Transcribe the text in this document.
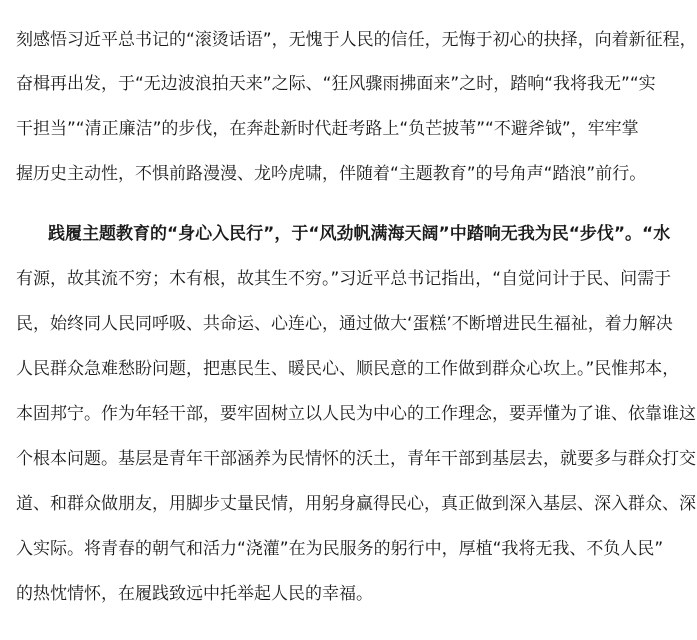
刻感悟习近平总书记的“滚烫话语”，无愧于人民的信任，无悔于初心的抉择，向着新征程，
奋楫再出发，于“无边波浪拍天来”之际、“狂风骤雨拂面来”之时，踏响“我将我无”“实
干担当”“清正廉洁”的步伐，在奔赴新时代赶考路上“负芒披苇”“不避斧钺”，牢牢掌
握历史主动性，不惧前路漫漫、龙吟虎啸，伴随着“主题教育”的号角声“踏浪”前行。
践履主题教育的“身心入民行”，于“风劲帆满海天阔”中踏响无我为民“步伐”。“水
有源，故其流不穷；木有根，故其生不穷。”习近平总书记指出，“自觉问计于民、问需于
民，始终同人民同呼吸、共命运、心连心，通过做大‘蛋糕’不断增进民生福祉，着力解决
人民群众急难愁盼问题，把惠民生、暖民心、顺民意的工作做到群众心坎上。”民惟邦本，
本固邦宁。作为年轻干部，要牢固树立以人民为中心的工作理念，要弄懂为了谁、依靠谁这
个根本问题。基层是青年干部涵养为民情怀的沃土，青年干部到基层去，就要多与群众打交
道、和群众做朋友，用脚步丈量民情，用躬身赢得民心，真正做到深入基层、深入群众、深
入实际。将青春的朝气和活力“浇灌”在为民服务的躬行中，厚植“我将无我、不负人民”
的热忱情怀，在履践致远中托举起人民的幸福。
